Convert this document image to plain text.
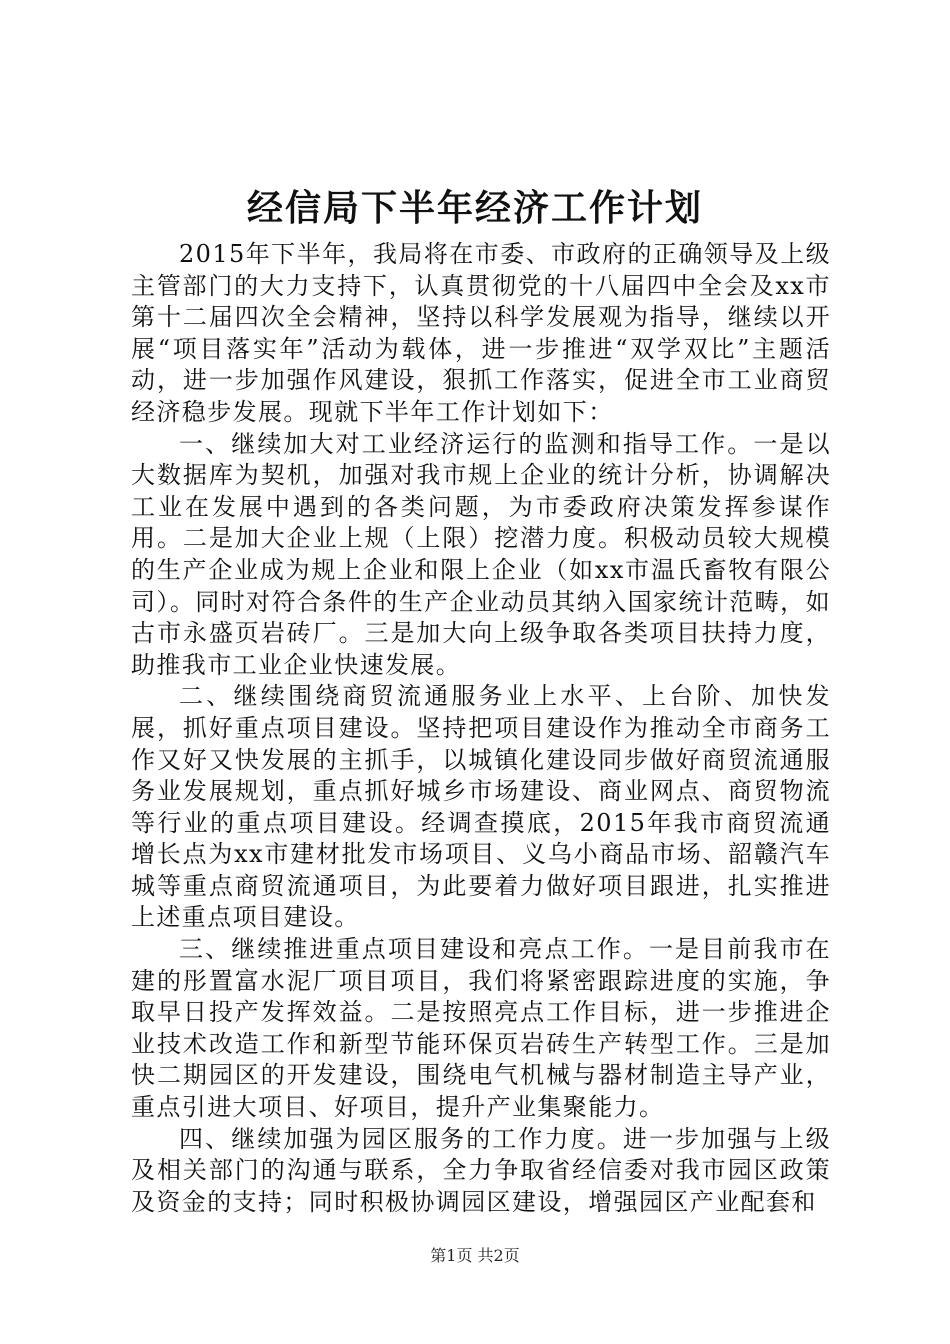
经信局下半年经济工作计划

2015年下半年，我局将在市委、市政府的正确领导及上级主管部门的大力支持下，认真贯彻党的十八届四中全会及xx市第十二届四次全会精神，坚持以科学发展观为指导，继续以开展“项目落实年”活动为载体，进一步推进“双学双比”主题活动，进一步加强作风建设，狠抓工作落实，促进全市工业商贸经济稳步发展。现就下半年工作计划如下：

一、继续加大对工业经济运行的监测和指导工作。一是以大数据库为契机，加强对我市规上企业的统计分析，协调解决工业在发展中遇到的各类问题，为市委政府决策发挥参谋作用。二是加大企业上规（上限）挖潜力度。积极动员较大规模的生产企业成为规上企业和限上企业（如xx市温氏畜牧有限公司）。同时对符合条件的生产企业动员其纳入国家统计范畴，如古市永盛页岩砖厂。三是加大向上级争取各类项目扶持力度，助推我市工业企业快速发展。

二、继续围绕商贸流通服务业上水平、上台阶、加快发展，抓好重点项目建设。坚持把项目建设作为推动全市商务工作又好又快发展的主抓手，以城镇化建设同步做好商贸流通服务业发展规划，重点抓好城乡市场建设、商业网点、商贸物流等行业的重点项目建设。经调查摸底，2015年我市商贸流通增长点为xx市建材批发市场项目、义乌小商品市场、韶赣汽车城等重点商贸流通项目，为此要着力做好项目跟进，扎实推进上述重点项目建设。

三、继续推进重点项目建设和亮点工作。一是目前我市在建的彤置富水泥厂项目项目，我们将紧密跟踪进度的实施，争取早日投产发挥效益。二是按照亮点工作目标，进一步推进企业技术改造工作和新型节能环保页岩砖生产转型工作。三是加快二期园区的开发建设，围绕电气机械与器材制造主导产业，重点引进大项目、好项目，提升产业集聚能力。

四、继续加强为园区服务的工作力度。进一步加强与上级及相关部门的沟通与联系，全力争取省经信委对我市园区政策及资金的支持；同时积极协调园区建设，增强园区产业配套和

第1页 共2页
